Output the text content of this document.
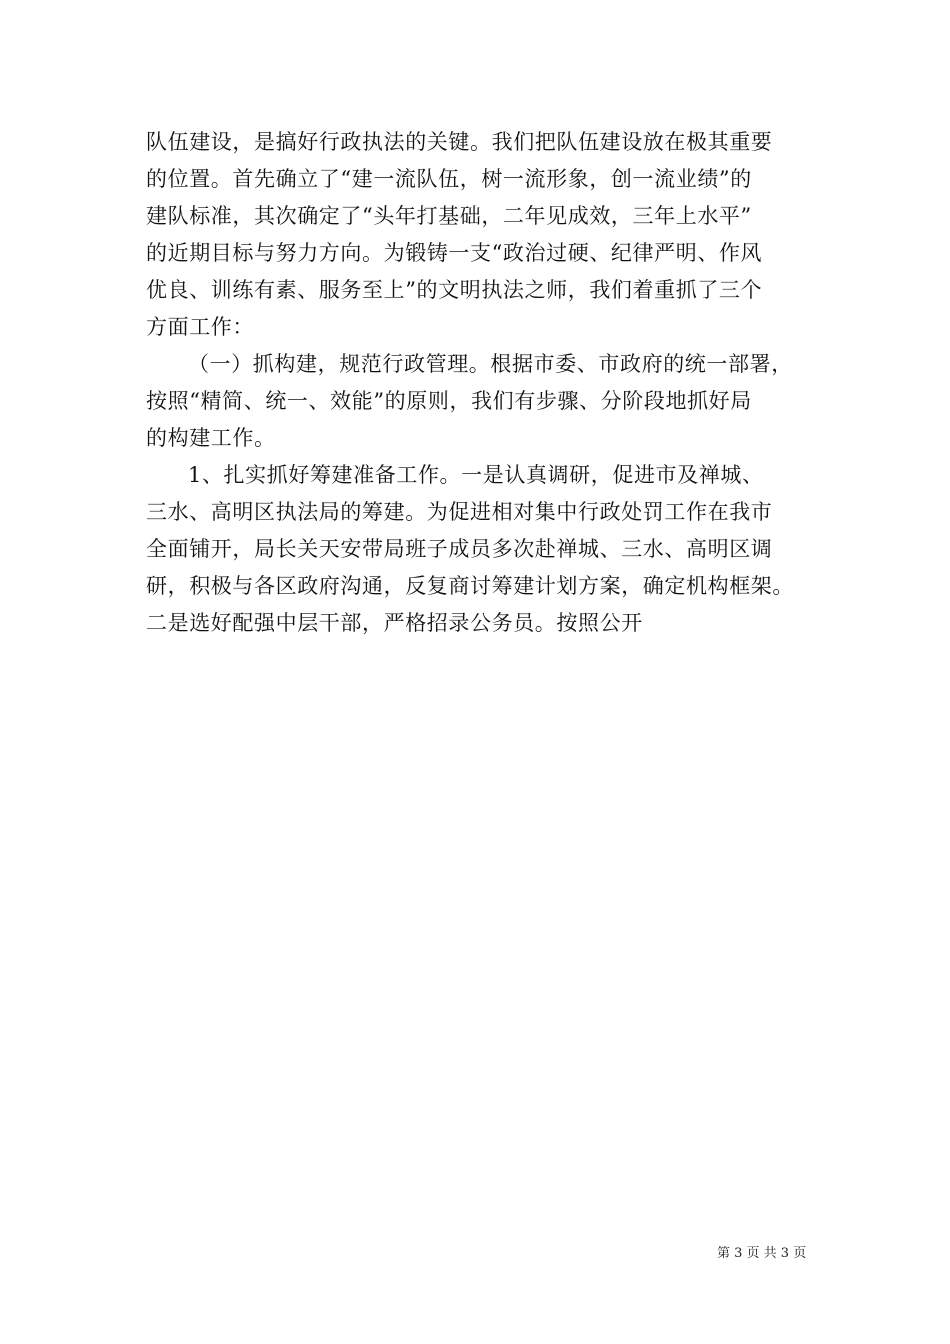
队伍建设，是搞好行政执法的关键。我们把队伍建设放在极其重要
的位置。首先确立了“建一流队伍，树一流形象，创一流业绩”的
建队标准，其次确定了“头年打基础，二年见成效，三年上水平”
的近期目标与努力方向。为锻铸一支“政治过硬、纪律严明、作风
优良、训练有素、服务至上”的文明执法之师，我们着重抓了三个
方面工作：
（一）抓构建，规范行政管理。根据市委、市政府的统一部署，
按照“精简、统一、效能”的原则，我们有步骤、分阶段地抓好局
的构建工作。
1、扎实抓好筹建准备工作。一是认真调研，促进市及禅城、
三水、高明区执法局的筹建。为促进相对集中行政处罚工作在我市
全面铺开，局长关天安带局班子成员多次赴禅城、三水、高明区调
研，积极与各区政府沟通，反复商讨筹建计划方案，确定机构框架。
二是选好配强中层干部，严格招录公务员。按照公开
第 3 页 共 3 页
